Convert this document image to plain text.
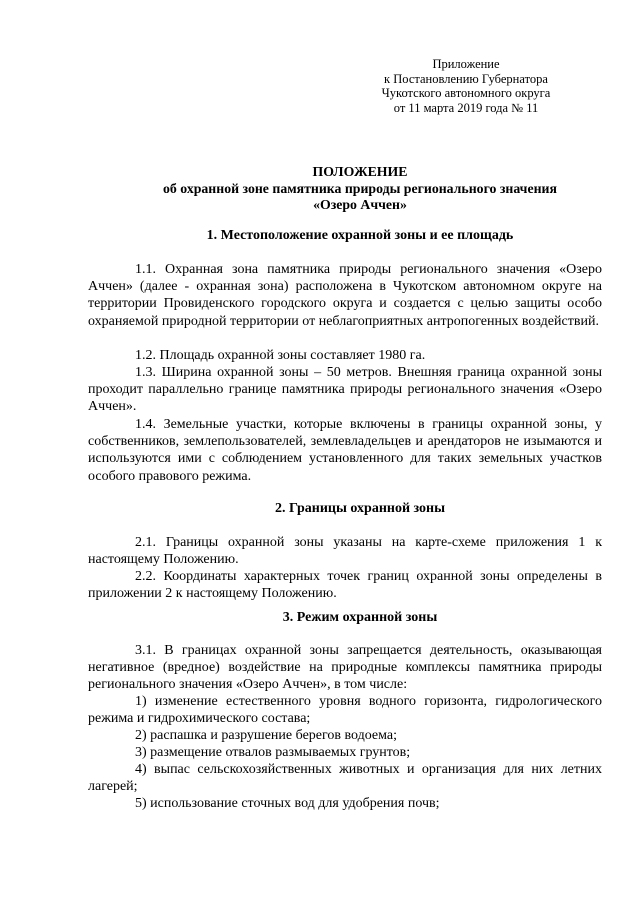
Приложение
к Постановлению Губернатора
Чукотского автономного округа
от 11 марта 2019 года № 11
ПОЛОЖЕНИЕ
об охранной зоне памятника природы регионального значения
«Озеро Аччен»
1. Местоположение охранной зоны и ее площадь
1.1. Охранная зона памятника природы регионального значения «Озеро Аччен» (далее - охранная зона) расположена в Чукотском автономном округе на территории Провиденского городского округа и создается с целью защиты особо охраняемой природной территории от неблагоприятных антропогенных воздействий.
1.2. Площадь охранной зоны составляет 1980 га.
1.3. Ширина охранной зоны – 50 метров. Внешняя граница охранной зоны проходит параллельно границе памятника природы регионального значения «Озеро Аччен».
1.4. Земельные участки, которые включены в границы охранной зоны, у собственников, землепользователей, землевладельцев и арендаторов не изымаются и используются ими с соблюдением установленного для таких земельных участков особого правового режима.
2. Границы охранной зоны
2.1. Границы охранной зоны указаны на карте-схеме приложения 1 к настоящему Положению.
2.2. Координаты характерных точек границ охранной зоны определены в приложении 2 к настоящему Положению.
3. Режим охранной зоны
3.1. В границах охранной зоны запрещается деятельность, оказывающая негативное (вредное) воздействие на природные комплексы памятника природы регионального значения «Озеро Аччен», в том числе:
1) изменение естественного уровня водного горизонта, гидрологического режима и гидрохимического состава;
2) распашка и разрушение берегов водоема;
3) размещение отвалов размываемых грунтов;
4) выпас сельскохозяйственных животных и организация для них летних лагерей;
5) использование сточных вод для удобрения почв;
